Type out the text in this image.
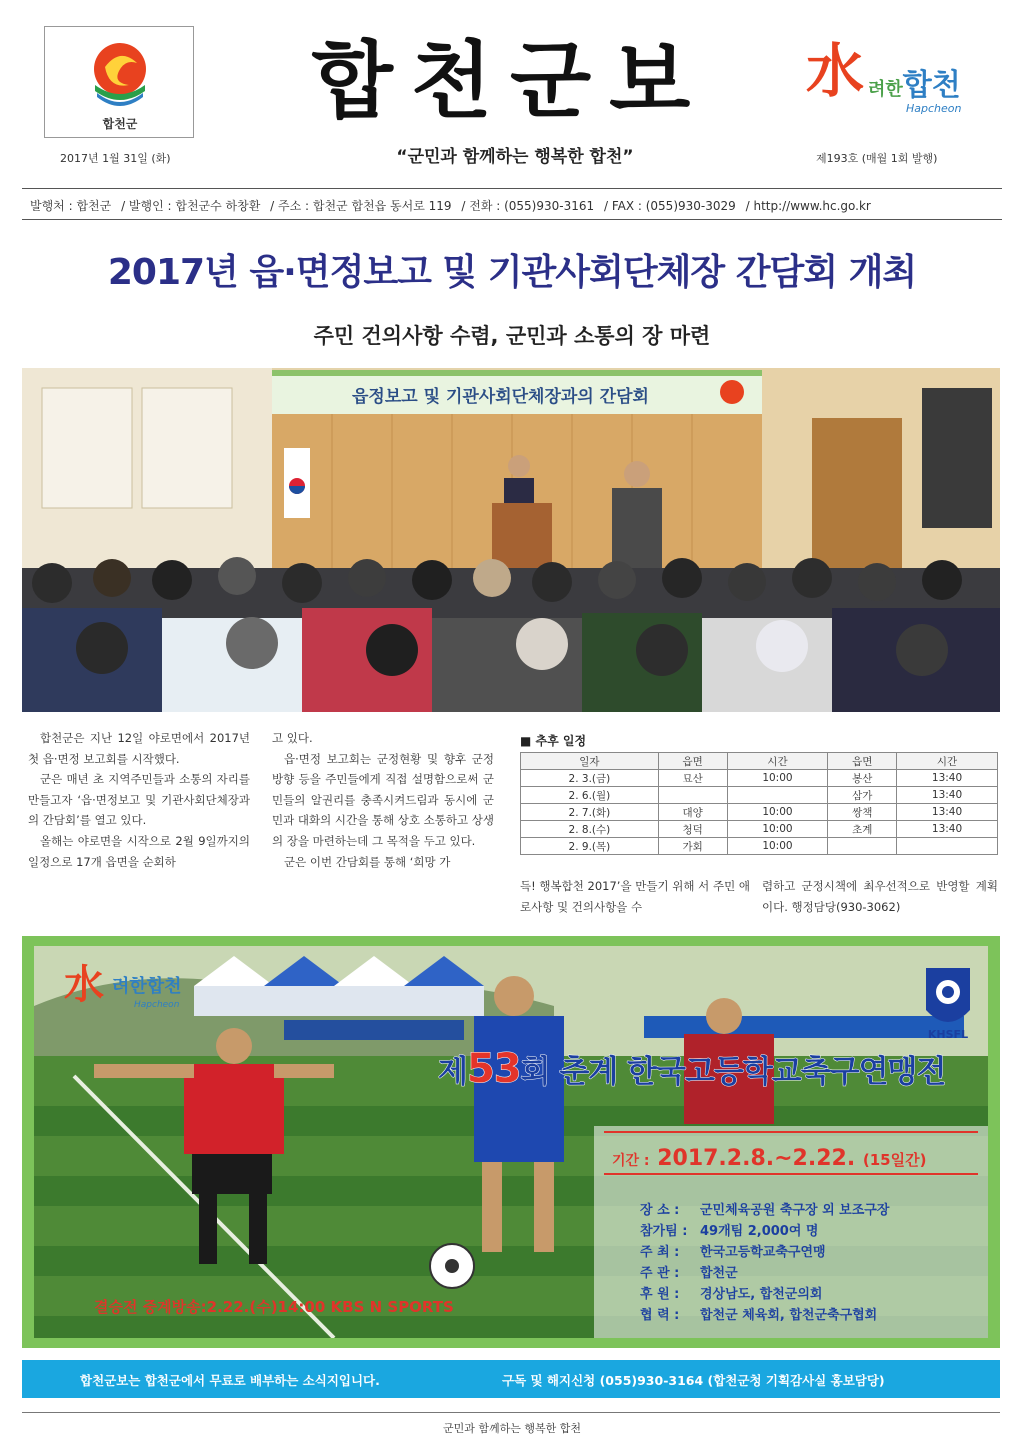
합천군	합천군보	水 려한합천
Hapcheon
2017년 1월 31일 (화)	“군민과 함께하는 행복한 합천”	제193호 (매월 1회 발행)
발행처 : 합천군 / 발행인 : 합천군수 하창환 / 주소 : 합천군 합천읍 동서로 119 / 전화 : (055)930-3161 / FAX : (055)930-3029 / http://www.hc.go.kr
2017년 읍·면정보고 및 기관사회단체장 간담회 개최
주민 건의사항 수렴, 군민과 소통의 장 마련
읍정보고 및 기관사회단체장과의 간담회

합천군은 지난 12일 야로면에서 2017년 첫 읍·면정 보고회를 시작했다.

군은 매년 초 지역주민들과 소통의 자리를 만들고자 ‘읍·면정보고 및 기관사회단체장과의 간담회’를 열고 있다.

올해는 야로면을 시작으로 2월 9일까지의 일정으로 17개 읍면을 순회하

고 있다.

읍·면정 보고회는 군정현황 및 향후 군정방향 등을 주민들에게 직접 설명함으로써 군민들의 알권리를 충족시켜드림과 동시에 군민과 대화의 시간을 통해 상호 소통하고 상생의 장을 마련하는데 그 목적을 두고 있다.

군은 이번 간담회를 통해 ‘희망 가

■ 추후 일정
일자	읍면	시간	읍면	시간
2. 3.(금)	묘산	10:00	봉산	13:40
2. 6.(월)			삼가	13:40
2. 7.(화)	대양	10:00	쌍책	13:40
2. 8.(수)	청덕	10:00	초계	13:40
2. 9.(목)	가회	10:00		
득! 행복합천 2017’을 만들기 위해 서 주민 애로사항 및 건의사항을 수
렴하고 군정시책에 최우선적으로 반영할 계획이다. 행정담당(930-3062)
水 려한합천
Hapcheon
KHSFL
제53회 춘계 한국고등학교축구연맹전
기간 : 2017.2.8.~2.22. (15일간)
장 소 : 군민체육공원 축구장 외 보조구장
참가팀 : 49개팀 2,000여 명
주 최 : 한국고등학교축구연맹
주 관 : 합천군
후 원 : 경상남도, 합천군의회
협 력 : 합천군 체육회, 합천군축구협회
결승전 중계방송:2.22.(수)14:00 KBS N SPORTS
합천군보는 합천군에서 무료로 배부하는 소식지입니다.	구독 및 해지신청 (055)930-3164 (합천군청 기획감사실 홍보담당)
군민과 함께하는 행복한 합천
